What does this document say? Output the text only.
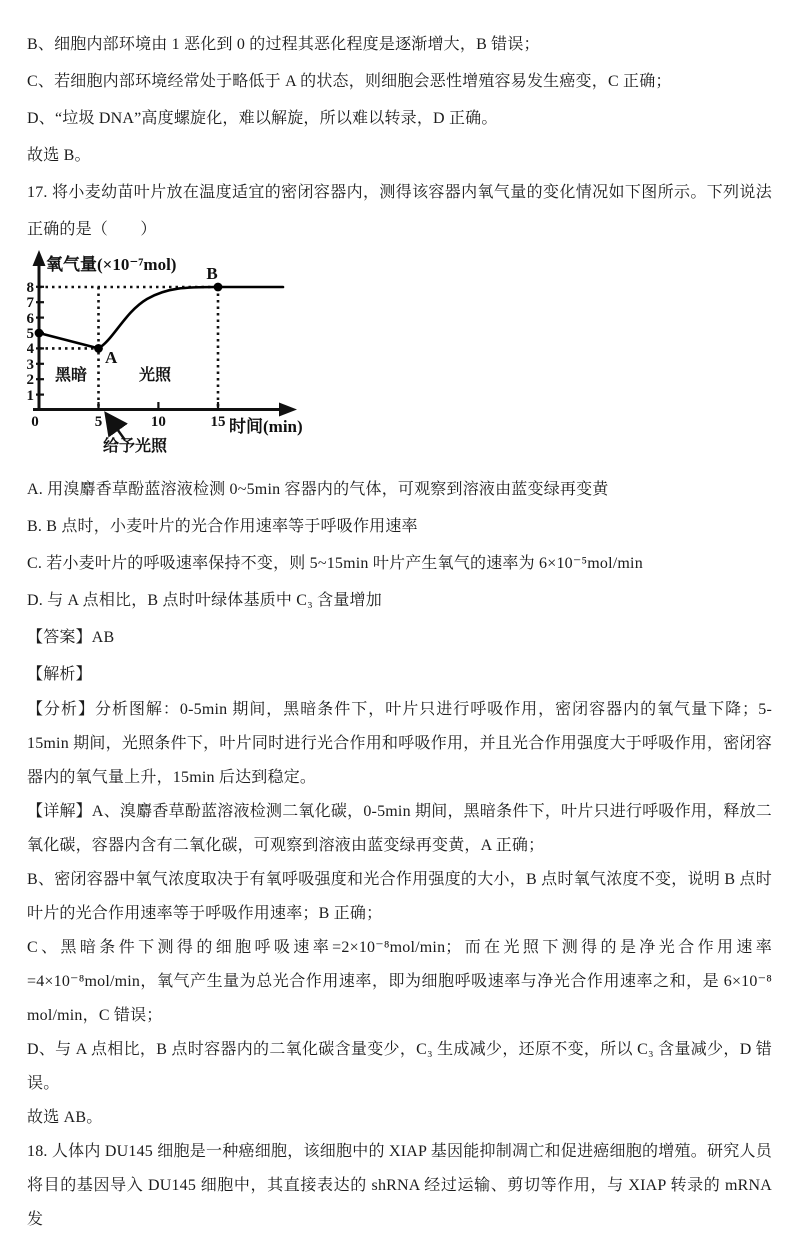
B、细胞内部环境由 1 恶化到 0 的过程其恶化程度是逐渐增大，B 错误；

C、若细胞内部环境经常处于略低于 A 的状态，则细胞会恶性增殖容易发生癌变，C 正确；

D、“垃圾 DNA”高度螺旋化，难以解旋，所以难以转录，D 正确。

故选 B。

17. 将小麦幼苗叶片放在温度适宜的密闭容器内，测得该容器内氧气量的变化情况如下图所示。下列说法正确的是（　　）

氧气量(×10⁻⁷mol)
时间(min)
8
7
6
5
4
3
2
1
0	5	10	15
A
B
黑暗	光照
给予光照

A. 用溴麝香草酚蓝溶液检测 0~5min 容器内的气体，可观察到溶液由蓝变绿再变黄

B. B 点时，小麦叶片的光合作用速率等于呼吸作用速率

C. 若小麦叶片的呼吸速率保持不变，则 5~15min 叶片产生氧气的速率为 6×10⁻⁵mol/min

D. 与 A 点相比，B 点时叶绿体基质中 C₃ 含量增加

【答案】AB

【解析】

【分析】分析图解：0-5min 期间，黑暗条件下，叶片只进行呼吸作用，密闭容器内的氧气量下降；5-15min 期间，光照条件下，叶片同时进行光合作用和呼吸作用，并且光合作用强度大于呼吸作用，密闭容器内的氧气量上升，15min 后达到稳定。

【详解】A、溴麝香草酚蓝溶液检测二氧化碳，0-5min 期间，黑暗条件下，叶片只进行呼吸作用，释放二氧化碳，容器内含有二氧化碳，可观察到溶液由蓝变绿再变黄，A 正确；

B、密闭容器中氧气浓度取决于有氧呼吸强度和光合作用强度的大小，B 点时氧气浓度不变，说明 B 点时叶片的光合作用速率等于呼吸作用速率；B 正确；

C、黑暗条件下测得的细胞呼吸速率=2×10⁻⁸mol/min；而在光照下测得的是净光合作用速率=4×10⁻⁸mol/min，氧气产生量为总光合作用速率，即为细胞呼吸速率与净光合作用速率之和，是 6×10⁻⁸ mol/min，C 错误；

D、与 A 点相比，B 点时容器内的二氧化碳含量变少，C₃ 生成减少，还原不变，所以 C₃ 含量减少，D 错误。

故选 AB。

18. 人体内 DU145 细胞是一种癌细胞，该细胞中的 XIAP 基因能抑制凋亡和促进癌细胞的增殖。研究人员将目的基因导入 DU145 细胞中，其直接表达的 shRNA 经过运输、剪切等作用，与 XIAP 转录的 mRNA 发
